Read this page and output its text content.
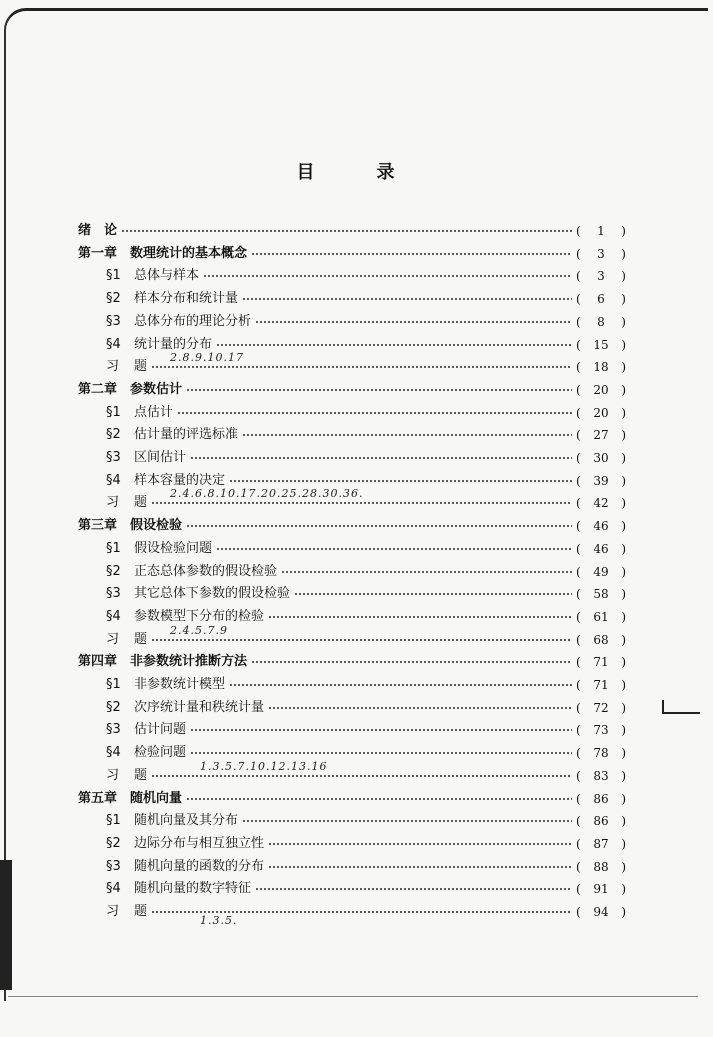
目　录
绪　论	( 1 )
第一章　数理统计的基本概念	( 3 )
§1 总体与样本	( 3 )
§2 样本分布和统计量	( 6 )
§3 总体分布的理论分析	( 8 )
§4 统计量的分布	( 15 )
习 题	( 18 )
第二章　参数估计	( 20 )
§1 点估计	( 20 )
§2 估计量的评选标准	( 27 )
§3 区间估计	( 30 )
§4 样本容量的决定	( 39 )
习 题	( 42 )
第三章　假设检验	( 46 )
§1 假设检验问题	( 46 )
§2 正态总体参数的假设检验	( 49 )
§3 其它总体下参数的假设检验	( 58 )
§4 参数模型下分布的检验	( 61 )
习 题	( 68 )
第四章　非参数统计推断方法	( 71 )
§1 非参数统计模型	( 71 )
§2 次序统计量和秩统计量	( 72 )
§3 估计问题	( 73 )
§4 检验问题	( 78 )
习 题	( 83 )
第五章　随机向量	( 86 )
§1 随机向量及其分布	( 86 )
§2 边际分布与相互独立性	( 87 )
§3 随机向量的函数的分布	( 88 )
§4 随机向量的数字特征	( 91 )
习 题	( 94 )
2.8.9.10.17
2.4.6.8.10.17.20.25.28.30.36.
2.4.5.7.9
1.3.5.7.10.12.13.16
1.3.5.
